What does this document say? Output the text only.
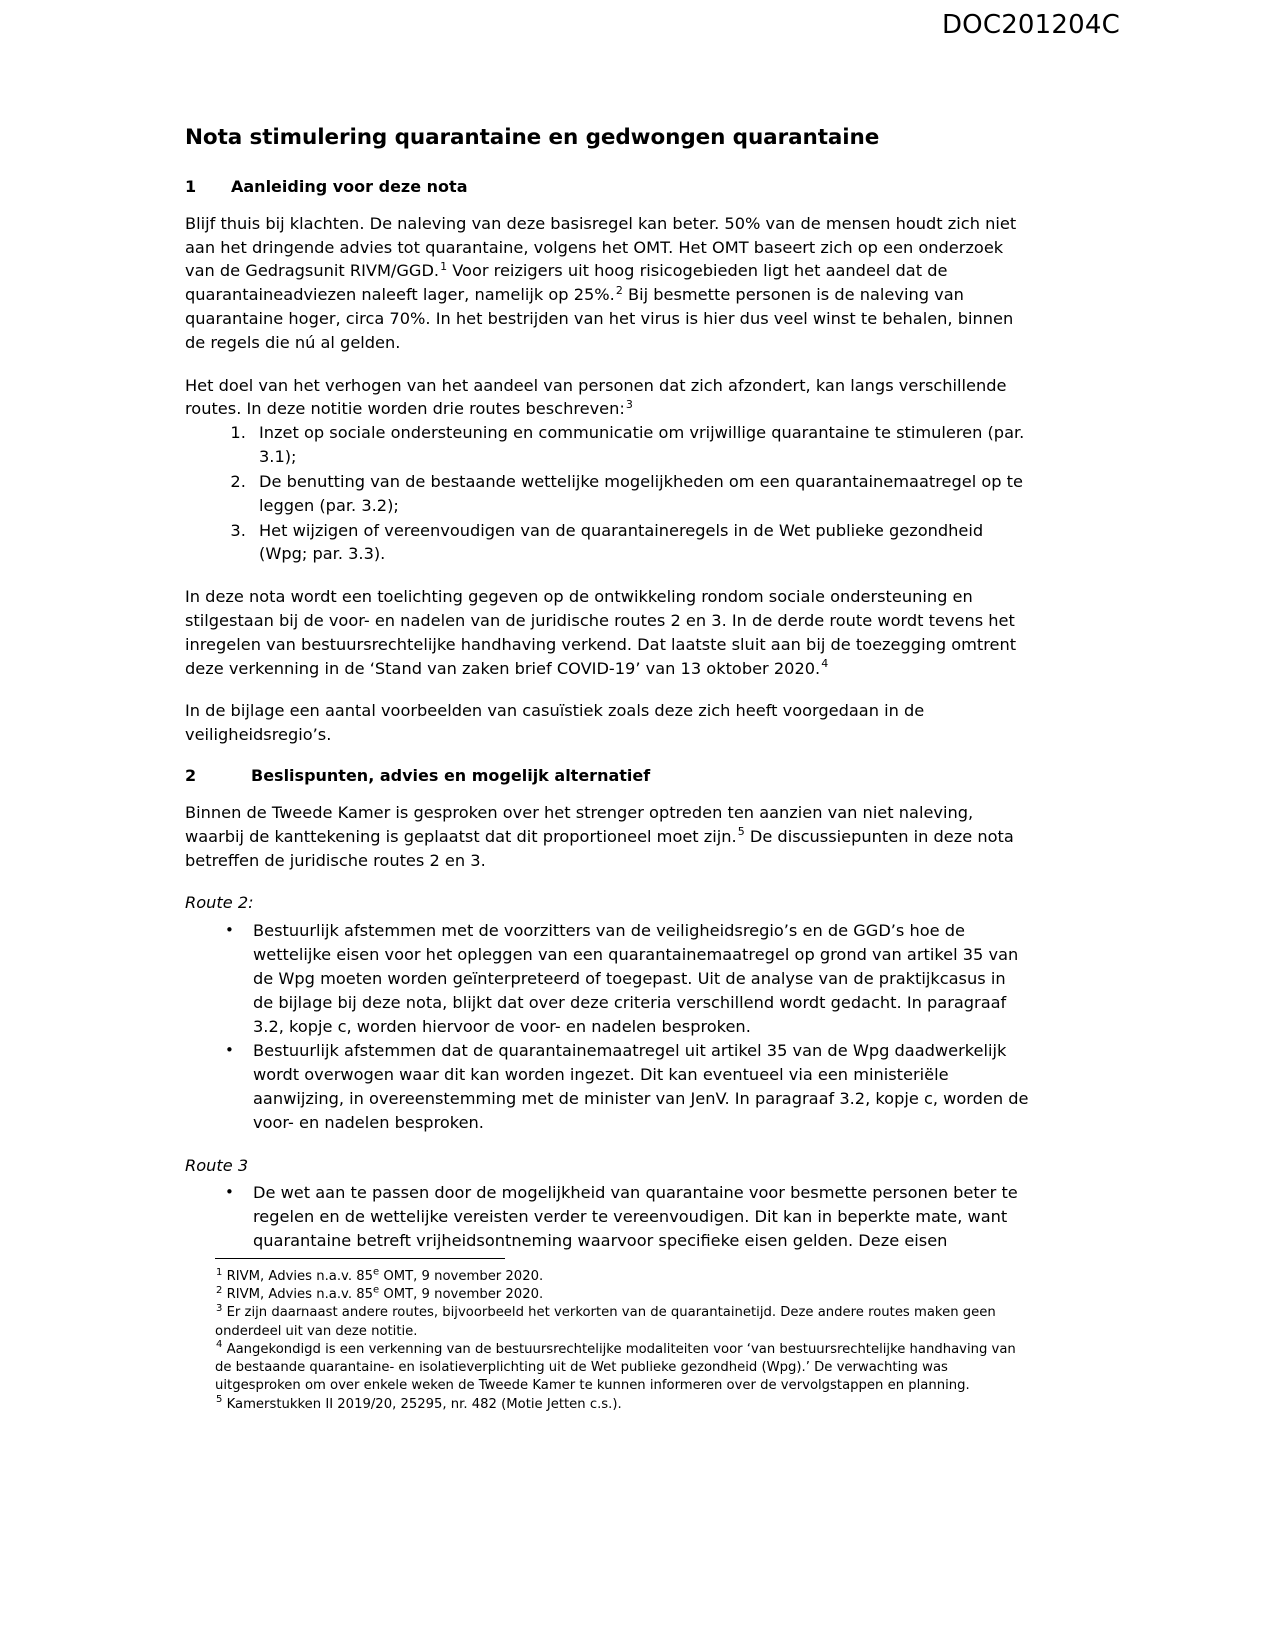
DOC201204C
Nota stimulering quarantaine en gedwongen quarantaine
1	Aanleiding voor deze nota

Blijf thuis bij klachten. De naleving van deze basisregel kan beter. 50% van de mensen houdt zich niet aan het dringende advies tot quarantaine, volgens het OMT. Het OMT baseert zich op een onderzoek van de Gedragsunit RIVM/GGD.$^1$ Voor reizigers uit hoog risicogebieden ligt het aandeel dat de quarantaineadviezen naleeft lager, namelijk op 25%.$^2$ Bij besmette personen is de naleving van quarantaine hoger, circa 70%. In het bestrijden van het virus is hier dus veel winst te behalen, binnen de regels die nú al gelden.

Het doel van het verhogen van het aandeel van personen dat zich afzondert, kan langs verschillende routes. In deze notitie worden drie routes beschreven:$^3$

1. Inzet op sociale ondersteuning en communicatie om vrijwillige quarantaine te stimuleren (par. 3.1);
2. De benutting van de bestaande wettelijke mogelijkheden om een quarantainemaatregel op te leggen (par. 3.2);
3. Het wijzigen of vereenvoudigen van de quarantaineregels in de Wet publieke gezondheid (Wpg; par. 3.3).

In deze nota wordt een toelichting gegeven op de ontwikkeling rondom sociale ondersteuning en stilgestaan bij de voor- en nadelen van de juridische routes 2 en 3. In de derde route wordt tevens het inregelen van bestuursrechtelijke handhaving verkend. Dat laatste sluit aan bij de toezegging omtrent deze verkenning in de ‘Stand van zaken brief COVID-19’ van 13 oktober 2020.$^4$

In de bijlage een aantal voorbeelden van casuïstiek zoals deze zich heeft voorgedaan in de veiligheidsregio’s.

2	Beslispunten, advies en mogelijk alternatief

Binnen de Tweede Kamer is gesproken over het strenger optreden ten aanzien van niet naleving, waarbij de kanttekening is geplaatst dat dit proportioneel moet zijn.$^5$ De discussiepunten in deze nota betreffen de juridische routes 2 en 3.

Route 2:
• Bestuurlijk afstemmen met de voorzitters van de veiligheidsregio’s en de GGD’s hoe de wettelijke eisen voor het opleggen van een quarantainemaatregel op grond van artikel 35 van de Wpg moeten worden geïnterpreteerd of toegepast. Uit de analyse van de praktijkcasus in de bijlage bij deze nota, blijkt dat over deze criteria verschillend wordt gedacht. In paragraaf 3.2, kopje c, worden hiervoor de voor- en nadelen besproken.
• Bestuurlijk afstemmen dat de quarantainemaatregel uit artikel 35 van de Wpg daadwerkelijk wordt overwogen waar dit kan worden ingezet. Dit kan eventueel via een ministeriële aanwijzing, in overeenstemming met de minister van JenV. In paragraaf 3.2, kopje c, worden de voor- en nadelen besproken.
Route 3
• De wet aan te passen door de mogelijkheid van quarantaine voor besmette personen beter te regelen en de wettelijke vereisten verder te vereenvoudigen. Dit kan in beperkte mate, want quarantaine betreft vrijheidsontneming waarvoor specifieke eisen gelden. Deze eisen

$^1$ RIVM, Advies n.a.v. 85e OMT, 9 november 2020.

$^2$ RIVM, Advies n.a.v. 85e OMT, 9 november 2020.

$^3$ Er zijn daarnaast andere routes, bijvoorbeeld het verkorten van de quarantainetijd. Deze andere routes maken geen onderdeel uit van deze notitie.

$^4$ Aangekondigd is een verkenning van de bestuursrechtelijke modaliteiten voor ‘van bestuursrechtelijke handhaving van de bestaande quarantaine- en isolatieverplichting uit de Wet publieke gezondheid (Wpg).’ De verwachting was uitgesproken om over enkele weken de Tweede Kamer te kunnen informeren over de vervolgstappen en planning.

$^5$ Kamerstukken II 2019/20, 25295, nr. 482 (Motie Jetten c.s.).
